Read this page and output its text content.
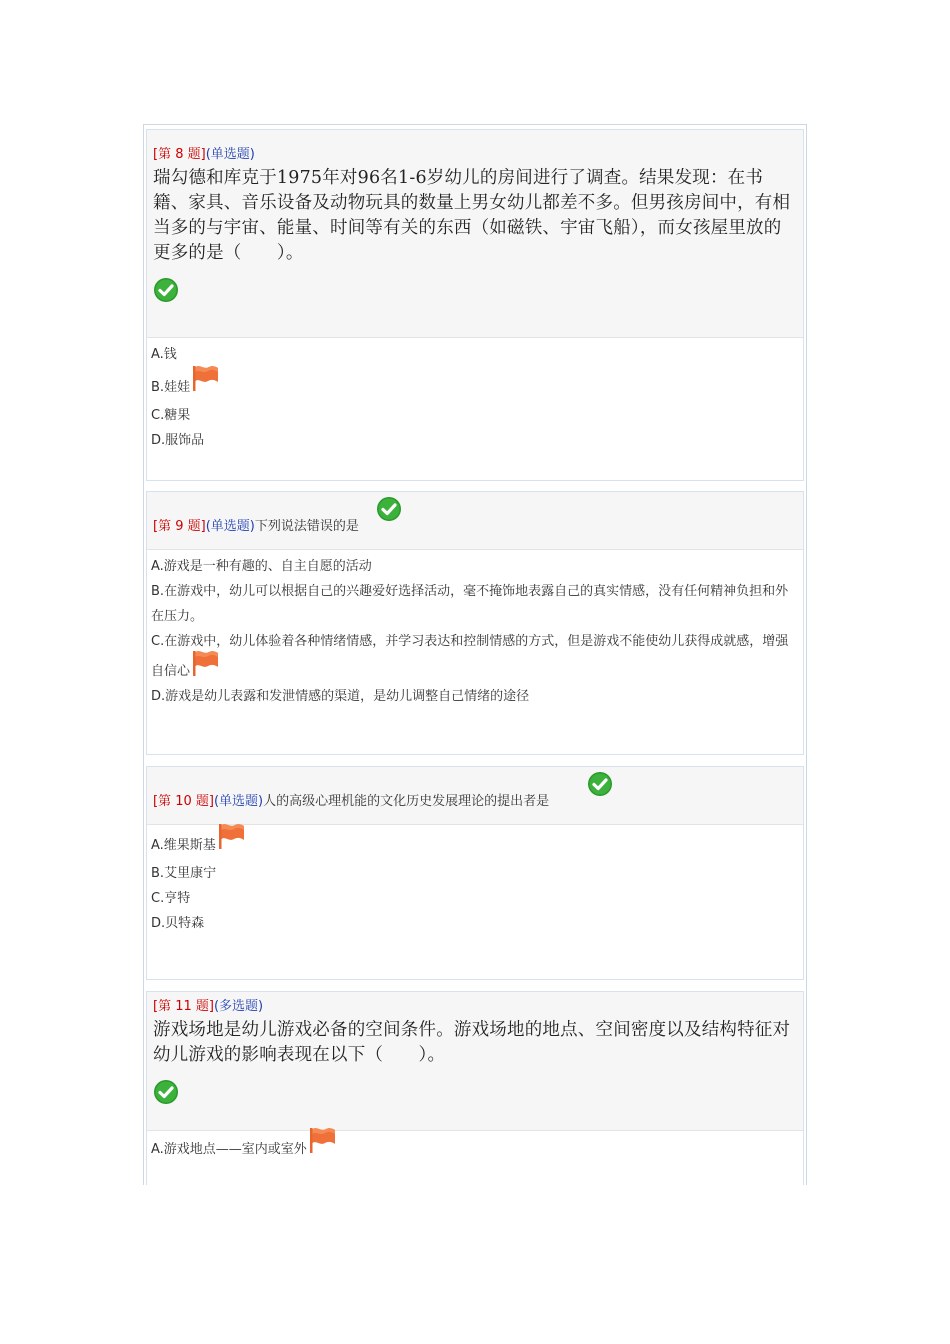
[第 8 题](单选题)
瑞勾德和库克于1975年对96名1-6岁幼儿的房间进行了调查。结果发现：在书籍、家具、音乐设备及动物玩具的数量上男女幼儿都差不多。但男孩房间中，有相当多的与宇宙、能量、时间等有关的东西（如磁铁、宇宙飞船），而女孩屋里放的更多的是（　　）。
A.钱
B.娃娃
C.糖果
D.服饰品
[第 9 题](单选题)下列说法错误的是
A.游戏是一种有趣的、自主自愿的活动
B.在游戏中，幼儿可以根据自己的兴趣爱好选择活动，毫不掩饰地表露自己的真实情感，没有任何精神负担和外在压力。
C.在游戏中，幼儿体验着各种情绪情感，并学习表达和控制情感的方式，但是游戏不能使幼儿获得成就感，增强自信心
D.游戏是幼儿表露和发泄情感的渠道，是幼儿调整自己情绪的途径
[第 10 题](单选题)人的高级心理机能的文化历史发展理论的提出者是
A.维果斯基
B.艾里康宁
C.亨特
D.贝特森
[第 11 题](多选题)
游戏场地是幼儿游戏必备的空间条件。游戏场地的地点、空间密度以及结构特征对幼儿游戏的影响表现在以下（　　）。
A.游戏地点——室内或室外
